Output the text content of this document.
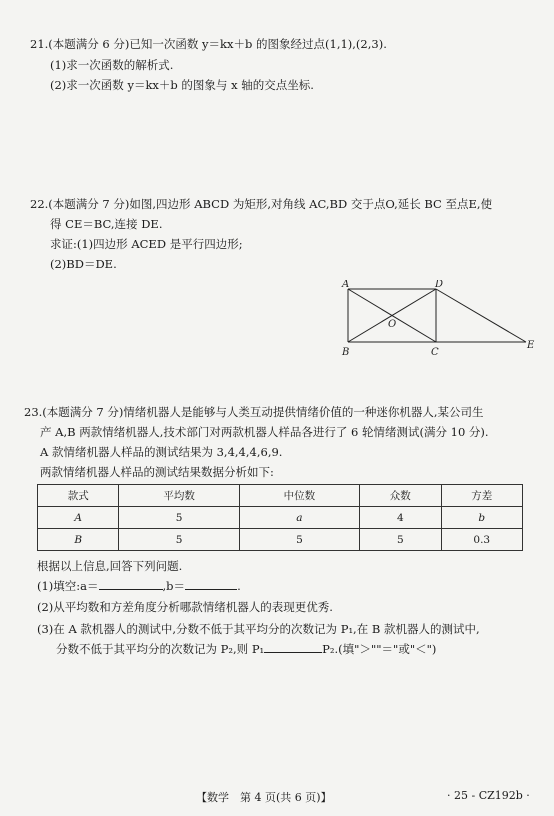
21.(本题满分 6 分)已知一次函数 y＝kx＋b 的图象经过点(1,1),(2,3).
(1)求一次函数的解析式.
(2)求一次函数 y＝kx＋b 的图象与 x 轴的交点坐标.
22.(本题满分 7 分)如图,四边形 ABCD 为矩形,对角线 AC,BD 交于点O,延长 BC 至点E,使
得 CE＝BC,连接 DE.
求证:(1)四边形 ACED 是平行四边形;
(2)BD＝DE.
A	D
O
B	C
E
23.(本题满分 7 分)情绪机器人是能够与人类互动提供情绪价值的一种迷你机器人,某公司生
产 A,B 两款情绪机器人,技术部门对两款机器人样品各进行了 6 轮情绪测试(满分 10 分).
A 款情绪机器人样品的测试结果为 3,4,4,4,6,9.
两款情绪机器人样品的测试结果数据分析如下:
款式	平均数	中位数	众数	方差
A	5	a	4	b
B	5	5	5	0.3
根据以上信息,回答下列问题.
(1)填空:a＝	,b＝	.
(2)从平均数和方差角度分析哪款情绪机器人的表现更优秀.
(3)在 A 款机器人的测试中,分数不低于其平均分的次数记为 P₁,在 B 款机器人的测试中,
分数不低于其平均分的次数记为 P₂,则 P₁	P₂.(填"＞""＝"或"＜")
【数学　第 4 页(共 6 页)】	· 25 - CZ192b ·
